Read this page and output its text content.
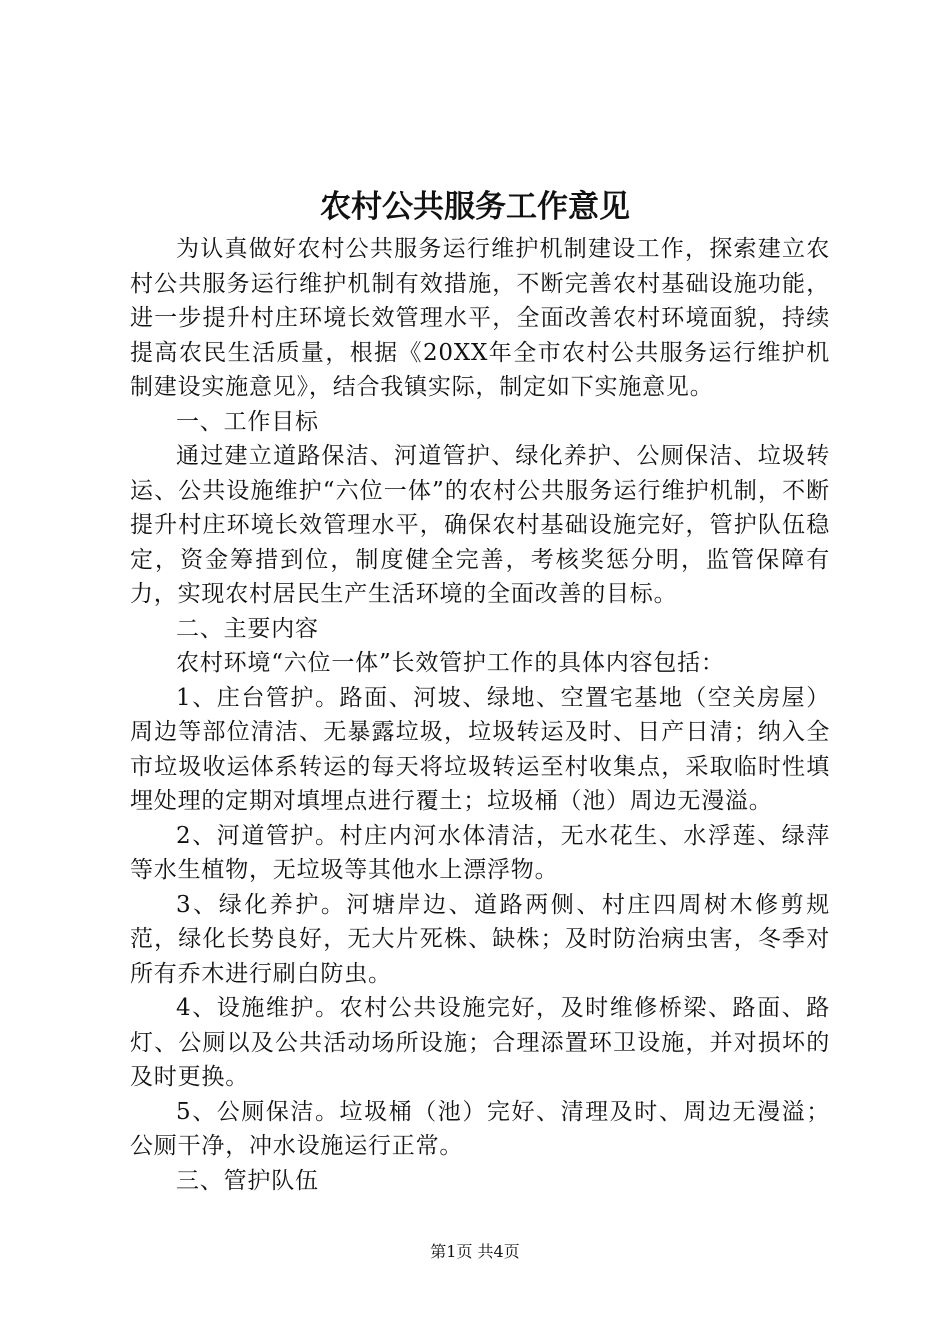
农村公共服务工作意见

为认真做好农村公共服务运行维护机制建设工作，探索建立农村公共服务运行维护机制有效措施，不断完善农村基础设施功能，进一步提升村庄环境长效管理水平，全面改善农村环境面貌，持续提高农民生活质量，根据《20XX年全市农村公共服务运行维护机制建设实施意见》，结合我镇实际，制定如下实施意见。

一、工作目标

通过建立道路保洁、河道管护、绿化养护、公厕保洁、垃圾转运、公共设施维护“六位一体”的农村公共服务运行维护机制，不断提升村庄环境长效管理水平，确保农村基础设施完好，管护队伍稳定，资金筹措到位，制度健全完善，考核奖惩分明，监管保障有力，实现农村居民生产生活环境的全面改善的目标。

二、主要内容

农村环境“六位一体”长效管护工作的具体内容包括：

1、庄台管护。路面、河坡、绿地、空置宅基地（空关房屋）周边等部位清洁、无暴露垃圾，垃圾转运及时、日产日清；纳入全市垃圾收运体系转运的每天将垃圾转运至村收集点，采取临时性填埋处理的定期对填埋点进行覆土；垃圾桶（池）周边无漫溢。

2、河道管护。村庄内河水体清洁，无水花生、水浮莲、绿萍等水生植物，无垃圾等其他水上漂浮物。

3、绿化养护。河塘岸边、道路两侧、村庄四周树木修剪规范，绿化长势良好，无大片死株、缺株；及时防治病虫害，冬季对所有乔木进行刷白防虫。

4、设施维护。农村公共设施完好，及时维修桥梁、路面、路灯、公厕以及公共活动场所设施；合理添置环卫设施，并对损坏的及时更换。

5、公厕保洁。垃圾桶（池）完好、清理及时、周边无漫溢；公厕干净，冲水设施运行正常。

三、管护队伍

第1页 共4页
